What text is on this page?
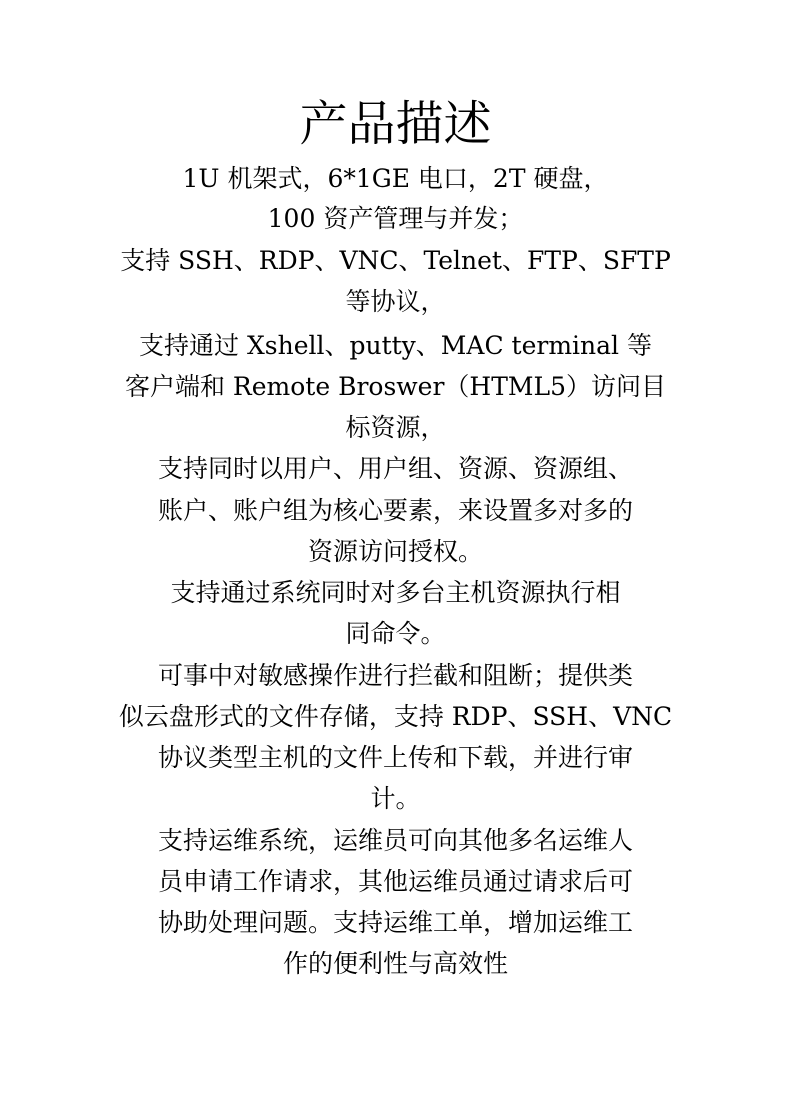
产品描述
1U 机架式，6*1GE 电口，2T 硬盘，
100 资产管理与并发；
支持 SSH、RDP、VNC、Telnet、FTP、SFTP
等协议，
支持通过 Xshell、putty、MAC terminal 等
客户端和 Remote Broswer（HTML5）访问目
标资源，
支持同时以用户、用户组、资源、资源组、
账户、账户组为核心要素，来设置多对多的
资源访问授权。
支持通过系统同时对多台主机资源执行相
同命令。
可事中对敏感操作进行拦截和阻断；提供类
似云盘形式的文件存储，支持 RDP、SSH、VNC
协议类型主机的文件上传和下载，并进行审
计。
支持运维系统，运维员可向其他多名运维人
员申请工作请求，其他运维员通过请求后可
协助处理问题。支持运维工单，增加运维工
作的便利性与高效性
